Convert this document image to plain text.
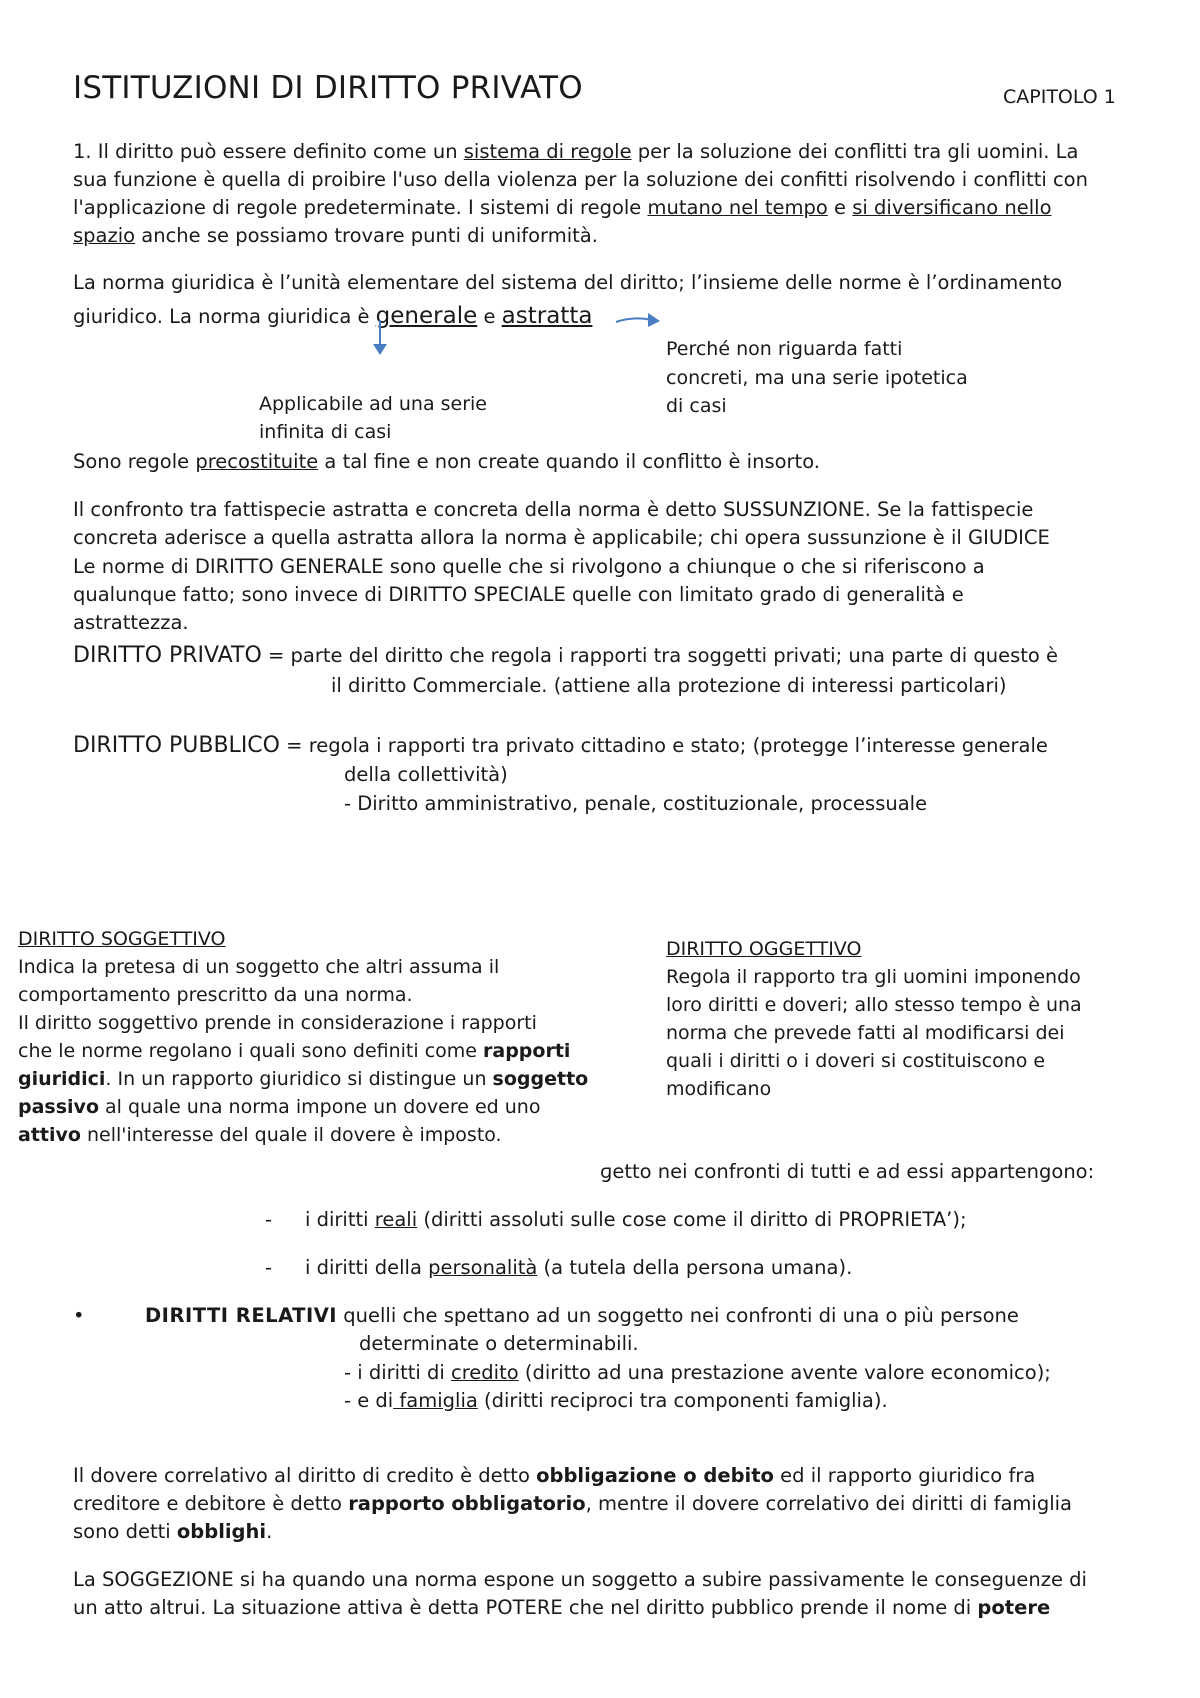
ISTITUZIONI DI DIRITTO PRIVATO	CAPITOLO 1
1. Il diritto può essere definito come un sistema di regole per la soluzione dei conflitti tra gli uomini. La
sua funzione è quella di proibire l'uso della violenza per la soluzione dei confitti risolvendo i conflitti con
l'applicazione di regole predeterminate. I sistemi di regole mutano nel tempo e si diversificano nello
spazio anche se possiamo trovare punti di uniformità.
La norma giuridica è l’unità elementare del sistema del diritto; l’insieme delle norme è l’ordinamento
giuridico. La norma giuridica è generale e astratta
Perché non riguarda fatti
concreti, ma una serie ipotetica
di casi
Applicabile ad una serie
infinita di casi
Sono regole precostituite a tal fine e non create quando il conflitto è insorto.
Il confronto tra fattispecie astratta e concreta della norma è detto SUSSUNZIONE. Se la fattispecie
concreta aderisce a quella astratta allora la norma è applicabile; chi opera sussunzione è il GIUDICE
Le norme di DIRITTO GENERALE sono quelle che si rivolgono a chiunque o che si riferiscono a
qualunque fatto; sono invece di DIRITTO SPECIALE quelle con limitato grado di generalità e
astrattezza.
DIRITTO PRIVATO = parte del diritto che regola i rapporti tra soggetti privati; una parte di questo è
il diritto Commerciale. (attiene alla protezione di interessi particolari)
DIRITTO PUBBLICO = regola i rapporti tra privato cittadino e stato; (protegge l’interesse generale
della collettività)
- Diritto amministrativo, penale, costituzionale, processuale
DIRITTO SOGGETTIVO
Indica la pretesa di un soggetto che altri assuma il
comportamento prescritto da una norma.
Il diritto soggettivo prende in considerazione i rapporti
che le norme regolano i quali sono definiti come rapporti
giuridici. In un rapporto giuridico si distingue un soggetto
passivo al quale una norma impone un dovere ed uno
attivo nell'interesse del quale il dovere è imposto.
DIRITTO OGGETTIVO
Regola il rapporto tra gli uomini imponendo
loro diritti e doveri; allo stesso tempo è una
norma che prevede fatti al modificarsi dei
quali i diritti o i doveri si costituiscono e
modificano
ɡetto nei confronti di tutti e ad essi appartengono:
- i diritti reali (diritti assoluti sulle cose come il diritto di PROPRIETA’);
- i diritti della personalità (a tutela della persona umana).
•	DIRITTI RELATIVI quelli che spettano ad un soggetto nei confronti di una o più persone
determinate o determinabili.
- i diritti di credito (diritto ad una prestazione avente valore economico);
- e di famiglia (diritti reciproci tra componenti famiglia).
Il dovere correlativo al diritto di credito è detto obbligazione o debito ed il rapporto giuridico fra
creditore e debitore è detto rapporto obbligatorio, mentre il dovere correlativo dei diritti di famiglia
sono detti obblighi.
La SOGGEZIONE si ha quando una norma espone un soggetto a subire passivamente le conseguenze di
un atto altrui. La situazione attiva è detta POTERE che nel diritto pubblico prende il nome di potere
